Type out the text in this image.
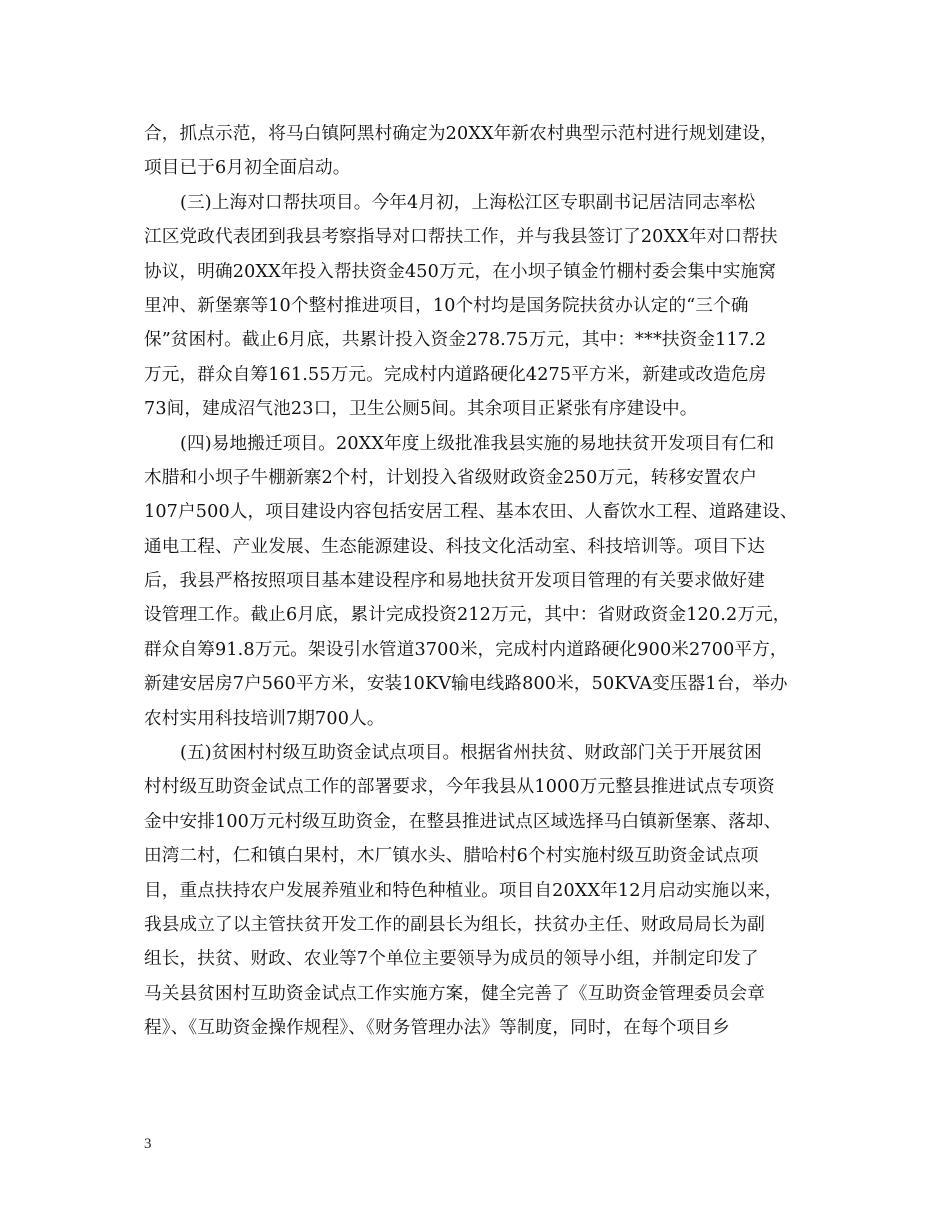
合，抓点示范，将马白镇阿黑村确定为20XX年新农村典型示范村进行规划建设，
项目已于6月初全面启动。
(三)上海对口帮扶项目。今年4月初，上海松江区专职副书记居洁同志率松
江区党政代表团到我县考察指导对口帮扶工作，并与我县签订了20XX年对口帮扶
协议，明确20XX年投入帮扶资金450万元，在小坝子镇金竹棚村委会集中实施窝
里冲、新堡寨等10个整村推进项目，10个村均是国务院扶贫办认定的“三个确
保”贫困村。截止6月底，共累计投入资金278.75万元，其中：***扶资金117.2
万元，群众自筹161.55万元。完成村内道路硬化4275平方米，新建或改造危房
73间，建成沼气池23口，卫生公厕5间。其余项目正紧张有序建设中。
(四)易地搬迁项目。20XX年度上级批准我县实施的易地扶贫开发项目有仁和
木腊和小坝子牛棚新寨2个村，计划投入省级财政资金250万元，转移安置农户
107户500人，项目建设内容包括安居工程、基本农田、人畜饮水工程、道路建设、
通电工程、产业发展、生态能源建设、科技文化活动室、科技培训等。项目下达
后，我县严格按照项目基本建设程序和易地扶贫开发项目管理的有关要求做好建
设管理工作。截止6月底，累计完成投资212万元，其中：省财政资金120.2万元，
群众自筹91.8万元。架设引水管道3700米，完成村内道路硬化900米2700平方，
新建安居房7户560平方米，安装10KV输电线路800米，50KVA变压器1台，举办
农村实用科技培训7期700人。
(五)贫困村村级互助资金试点项目。根据省州扶贫、财政部门关于开展贫困
村村级互助资金试点工作的部署要求，今年我县从1000万元整县推进试点专项资
金中安排100万元村级互助资金，在整县推进试点区域选择马白镇新堡寨、落却、
田湾二村，仁和镇白果村，木厂镇水头、腊哈村6个村实施村级互助资金试点项
目，重点扶持农户发展养殖业和特色种植业。项目自20XX年12月启动实施以来，
我县成立了以主管扶贫开发工作的副县长为组长，扶贫办主任、财政局局长为副
组长，扶贫、财政、农业等7个单位主要领导为成员的领导小组，并制定印发了
马关县贫困村互助资金试点工作实施方案，健全完善了《互助资金管理委员会章
程》、《互助资金操作规程》、《财务管理办法》等制度，同时，在每个项目乡
3
